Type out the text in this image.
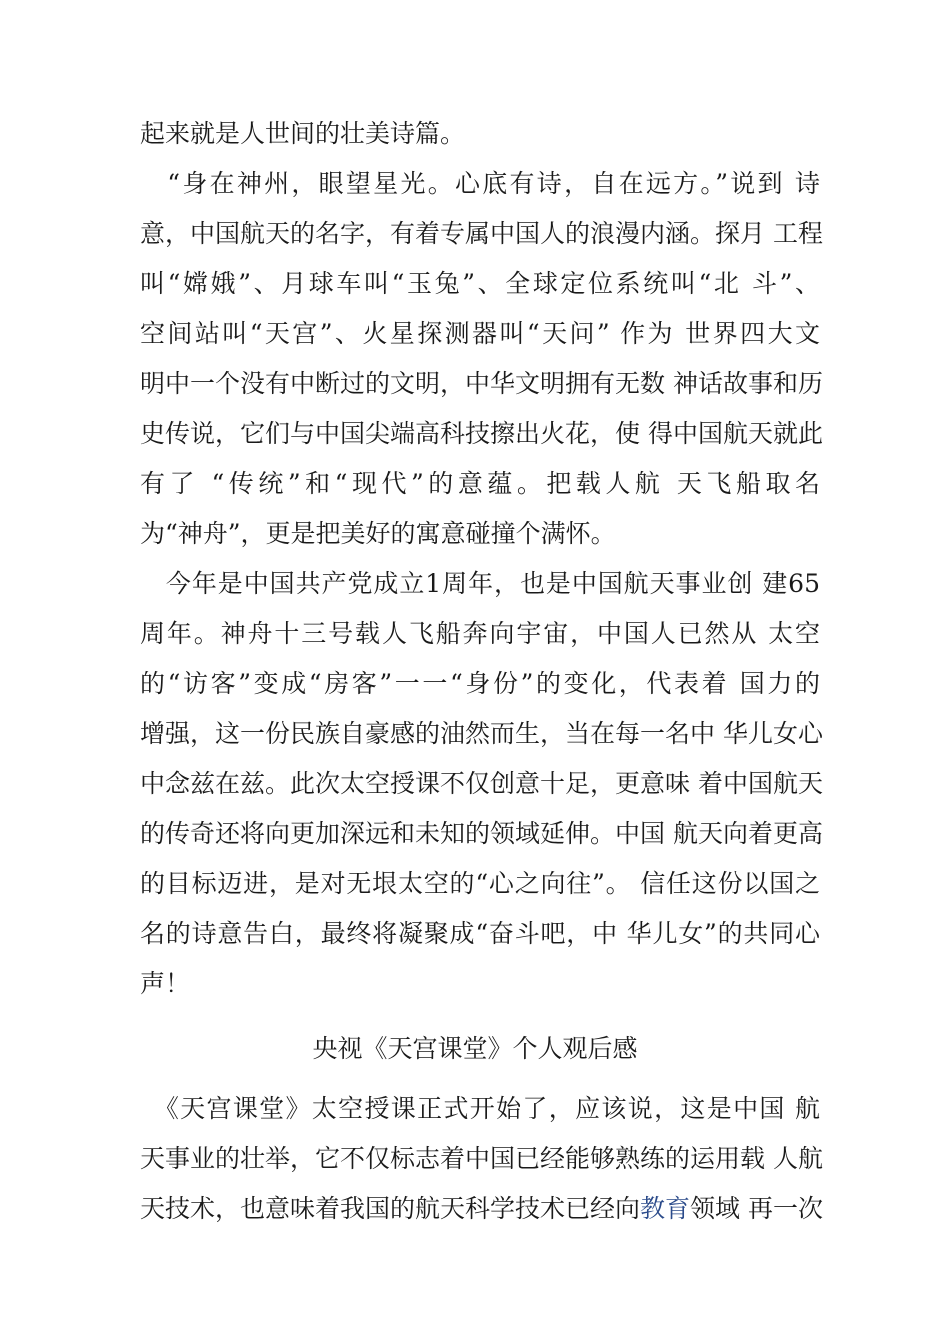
起来就是人世间的壮美诗篇。
　“身在神州，眼望星光。心底有诗，自在远方。”说到 诗
意，中国航天的名字，有着专属中国人的浪漫内涵。探月 工程
叫“嫦娥”、月球车叫“玉兔”、全球定位系统叫“北 斗”、
空间站叫“天宫”、火星探测器叫“天问” 作为 世界四大文
明中一个没有中断过的文明，中华文明拥有无数 神话故事和历
史传说，它们与中国尖端高科技擦出火花，使 得中国航天就此
有了 “传统”和“现代”的意蕴。把载人航 天飞船取名
为“神舟”，更是把美好的寓意碰撞个满怀。
　今年是中国共产党成立1周年，也是中国航天事业创 建65
周年。神舟十三号载人飞船奔向宇宙，中国人已然从 太空
的“访客”变成“房客”一一“身份”的变化，代表着 国力的
增强，这一份民族自豪感的油然而生，当在每一名中 华儿女心
中念兹在兹。此次太空授课不仅创意十足，更意味 着中国航天
的传奇还将向更加深远和未知的领域延伸。中国 航天向着更高
的目标迈进，是对无垠太空的“心之向往”。 信任这份以国之
名的诗意告白，最终将凝聚成“奋斗吧，中 华儿女”的共同心
声！
央视《天宫课堂》个人观后感
　《天宫课堂》太空授课正式开始了，应该说，这是中国 航
天事业的壮举，它不仅标志着中国已经能够熟练的运用载 人航
天技术，也意味着我国的航天科学技术已经向教育领域 再一次
